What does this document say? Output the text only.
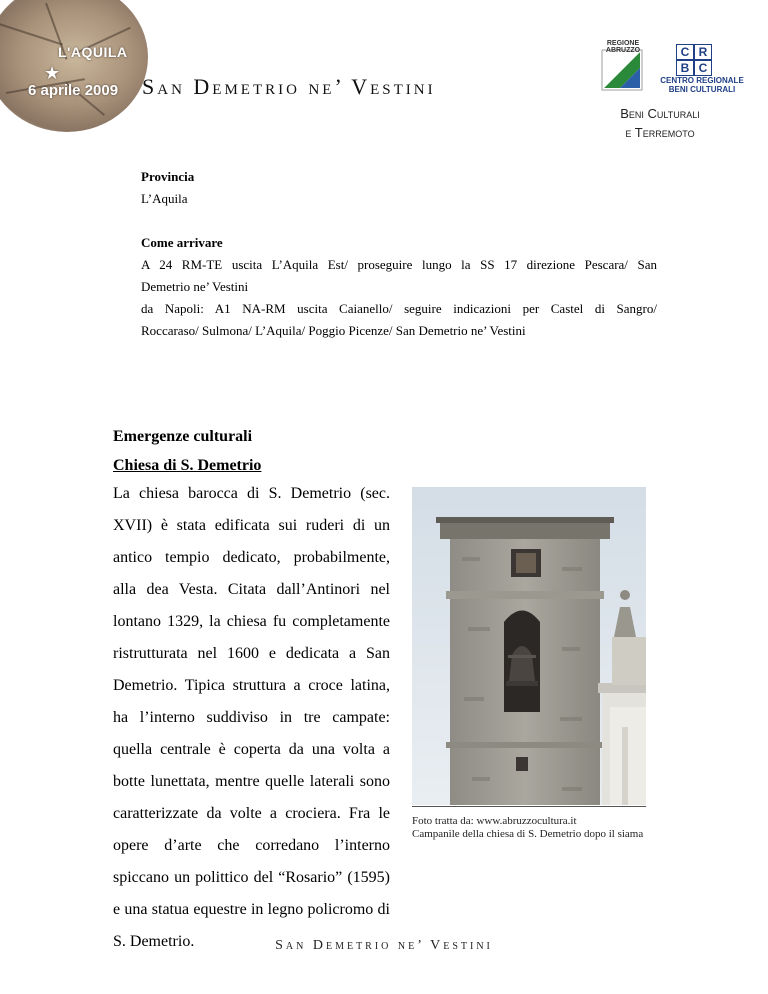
L'AQUILA
★
6 aprile 2009 San Demetrio ne’ Vestini
Beni Culturali
e Terremoto
REGIONE ABRUZZO	C R
B C
CENTRO REGIONALE BENI CULTURALI
Provincia
L’Aquila
Come arrivare
A 24 RM-TE uscita L’Aquila Est/ proseguire lungo la SS 17 direzione Pescara/ San
Demetrio ne’ Vestini
da Napoli: A1 NA-RM uscita Caianello/ seguire indicazioni per Castel di Sangro/
Roccaraso/ Sulmona/ L’Aquila/ Poggio Picenze/ San Demetrio ne’ Vestini
Emergenze culturali
Chiesa di S. Demetrio
La chiesa barocca di S. Demetrio (sec. XVII) è stata edificata sui ruderi di un antico tempio dedicato, probabilmente, alla dea Vesta. Citata dall’Antinori nel lontano 1329, la chiesa fu completamente ristrutturata nel 1600 e dedicata a San Demetrio. Tipica struttura a croce latina, ha l’interno suddiviso in tre campate: quella centrale è coperta da una volta a botte lunettata, mentre quelle laterali sono caratterizzate da volte a crociera. Fra le opere d’arte che corredano l’interno spiccano un polittico del “Rosario” (1595) e una statua equestre in legno policromo di S. Demetrio.
Foto tratta da: www.abruzzocultura.it
Campanile della chiesa di S. Demetrio dopo il siama
San Demetrio ne’ Vestini
